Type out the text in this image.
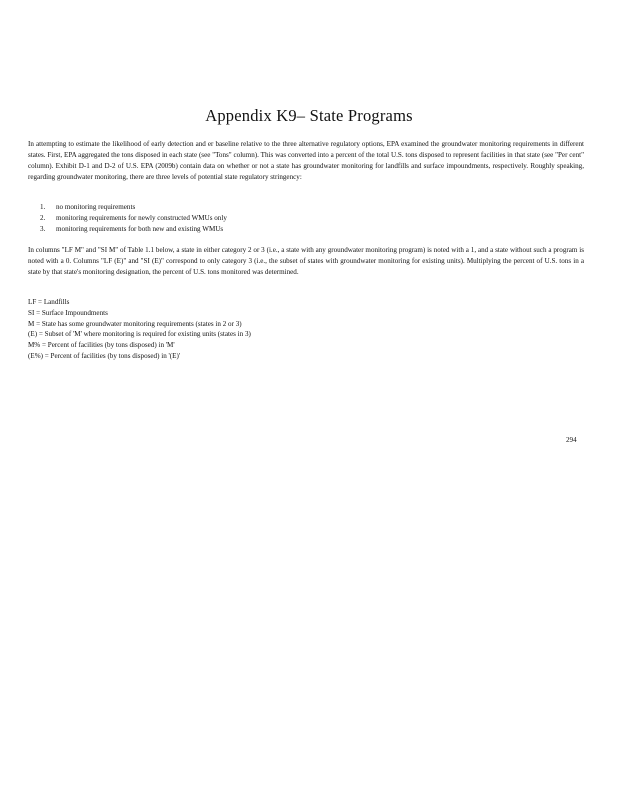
Appendix K9– State Programs

In attempting to estimate the likelihood of early detection and er baseline relative to the three alternative regulatory options, EPA examined the groundwater monitoring requirements in different states. First, EPA aggregated the tons disposed in each state (see "Tons" column). This was converted into a percent of the total U.S. tons disposed to represent facilities in that state (see "Per cent" column). Exhibit D-1 and D-2 of U.S. EPA (2009b) contain data on whether or not a state has groundwater monitoring for landfills and surface impoundments, respectively. Roughly speaking, regarding groundwater monitoring, there are three levels of potential state regulatory stringency:

1.	no monitoring requirements
2.	monitoring requirements for newly constructed WMUs only
3.	monitoring requirements for both new and existing WMUs

In columns "LF M" and "SI M" of Table 1.1 below, a state in either category 2 or 3 (i.e., a state with any groundwater monitoring program) is noted with a 1, and a state without such a program is noted with a 0. Columns "LF (E)" and "SI (E)" correspond to only category 3 (i.e., the subset of states with groundwater monitoring for existing units). Multiplying the percent of U.S. tons in a state by that state's monitoring designation, the percent of U.S. tons monitored was determined.

LF = Landfills
SI = Surface Impoundments
M = State has some groundwater monitoring requirements (states in 2 or 3)
(E) = Subset of 'M' where monitoring is required for existing units (states in 3)
M% = Percent of facilities (by tons disposed) in 'M'
(E%) = Percent of facilities (by tons disposed) in '(E)'
294
